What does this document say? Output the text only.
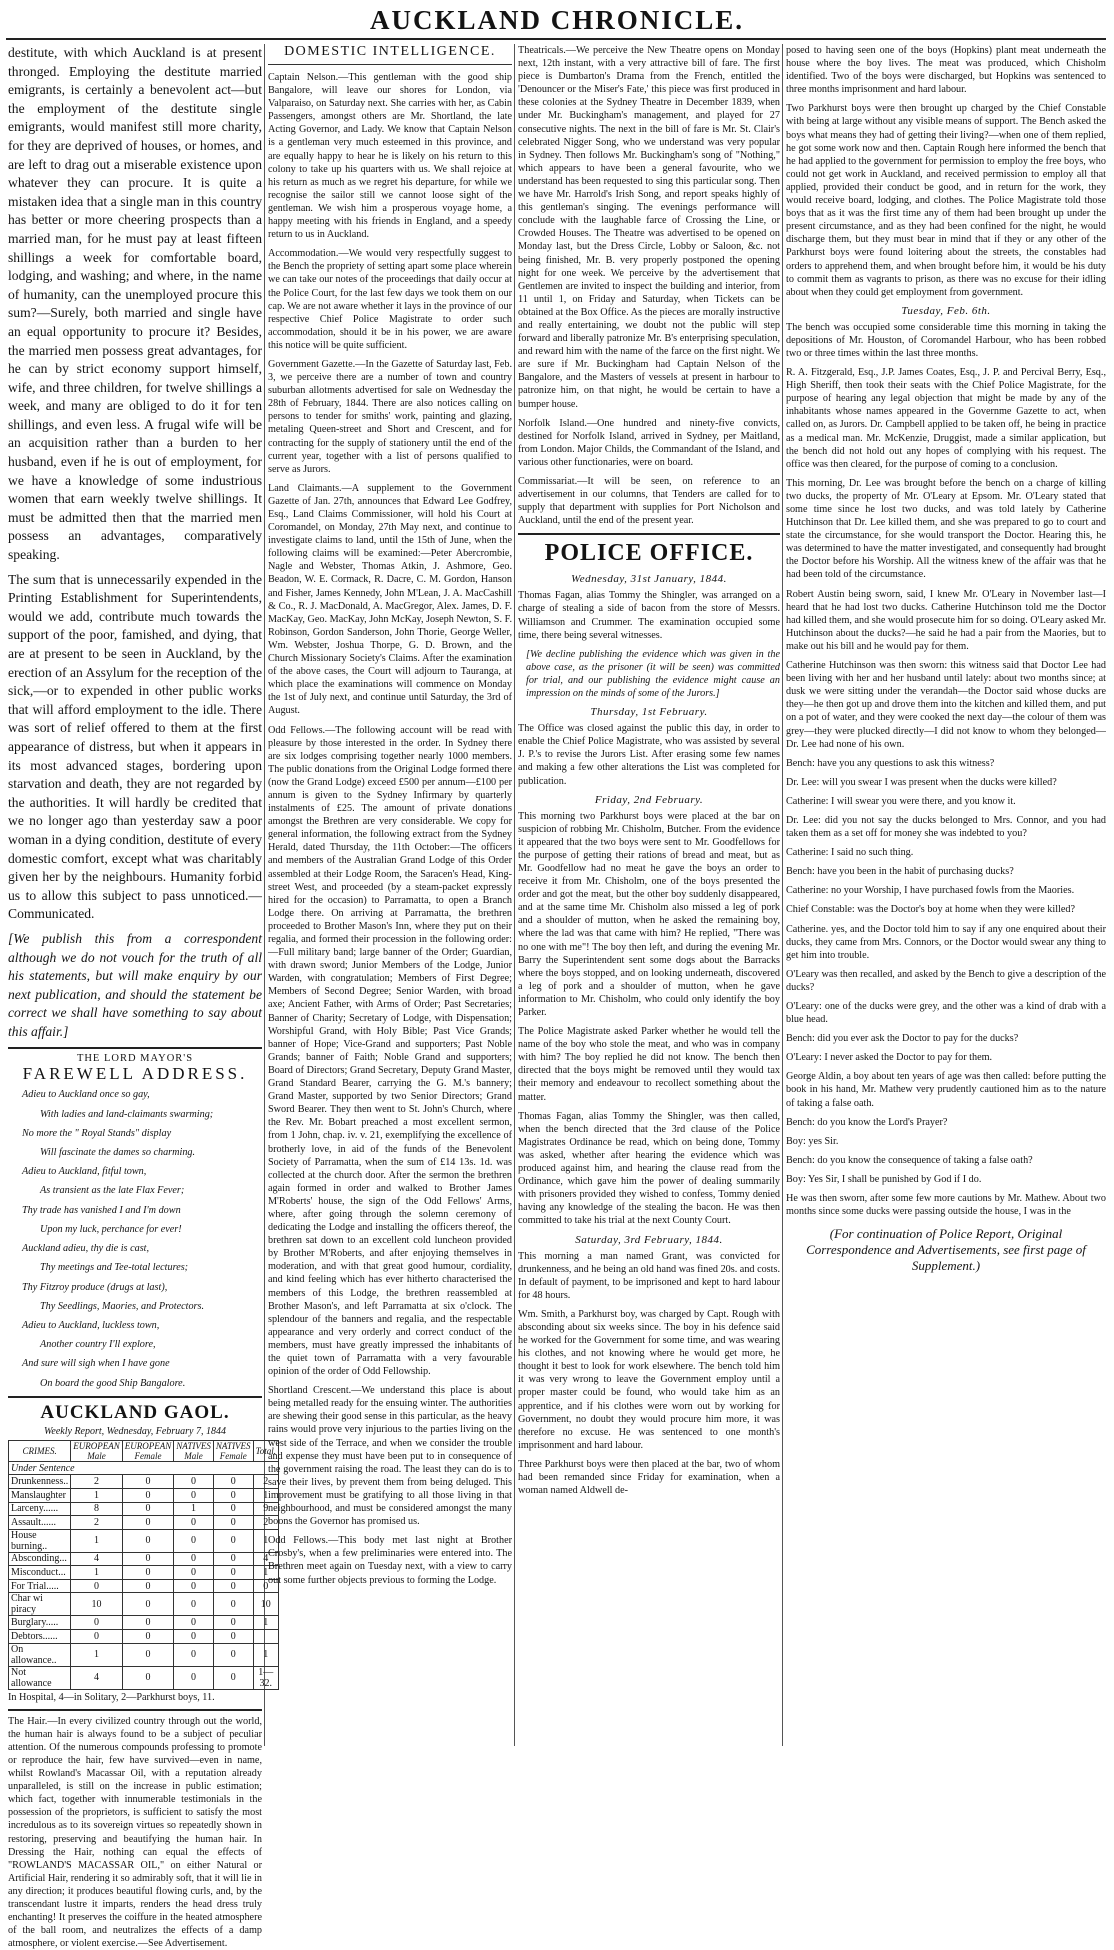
AUCKLAND CHRONICLE.

destitute, with which Auckland is at present thronged. Employing the destitute married emigrants, is certainly a benevolent act—but the employment of the destitute single emigrants, would manifest still more charity, for they are deprived of houses, or homes, and are left to drag out a miserable existence upon whatever they can procure. It is quite a mistaken idea that a single man in this country has better or more cheering prospects than a married man, for he must pay at least fifteen shillings a week for comfortable board, lodging, and washing; and where, in the name of humanity, can the unemployed procure this sum?—Surely, both married and single have an equal opportunity to procure it? Besides, the married men possess great advantages, for he can by strict economy support himself, wife, and three children, for twelve shillings a week, and many are obliged to do it for ten shillings, and even less. A frugal wife will be an acquisition rather than a burden to her husband, even if he is out of employment, for we have a knowledge of some industrious women that earn weekly twelve shillings. It must be admitted then that the married men possess an advantages, comparatively speaking.

The sum that is unnecessarily expended in the Printing Establishment for Superintendents, would we add, contribute much towards the support of the poor, famished, and dying, that are at present to be seen in Auckland, by the erection of an Assylum for the reception of the sick,—or to expended in other public works that will afford employment to the idle. There was sort of relief offered to them at the first appearance of distress, but when it appears in its most advanced stages, bordering upon starvation and death, they are not regarded by the authorities. It will hardly be credited that we no longer ago than yesterday saw a poor woman in a dying condition, destitute of every domestic comfort, except what was charitably given her by the neighbours. Humanity forbid us to allow this subject to pass unnoticed.—Communicated.

[We publish this from a correspondent although we do not vouch for the truth of all his statements, but will make enquiry by our next publication, and should the statement be correct we shall have something to say about this affair.]

THE LORD MAYOR'S
FAREWELL ADDRESS.

Adieu to Auckland once so gay,

With ladies and land-claimants swarming;

No more the " Royal Stands" display

Will fascinate the dames so charming.

Adieu to Auckland, fitful town,

As transient as the late Flax Fever;

Thy trade has vanished I and I'm down

Upon my luck, perchance for ever!

Auckland adieu, thy die is cast,

Thy meetings and Tee-total lectures;

Thy Fitzroy produce (drugs at last),

Thy Seedlings, Maories, and Protectors.

Adieu to Auckland, luckless town,

Another country I'll explore,

And sure will sigh when I have gone

On board the good Ship Bangalore.

AUCKLAND GAOL.
Weekly Report, Wednesday, February 7, 1844
CRIMES.	EUROPEAN Male	EUROPEAN Female	NATIVES Male	NATIVES Female	Total.
Under Sentence					
Drunkenness..	2	0	0	0	2
Manslaughter	1	0	0	0	1
Larceny......	8	0	1	0	9
Assault......	2	0	0	0	2
House burning..	1	0	0	0	1
Absconding...	4	0	0	0	4
Misconduct...	1	0	0	0	1
For Trial.....	0	0	0	0	0
Char wi piracy	10	0	0	0	10
Burglary.....	0	0	0	0	1
Debtors......	0	0	0	0	
On allowance..	1	0	0	0	1
Not allowance	4	0	0	0	1—32.
In Hospital, 4—in Solitary, 2—Parkhurst boys, 11.

The Hair.—In every civilized country through out the world, the human hair is always found to be a subject of peculiar attention. Of the numerous compounds professing to promote or reproduce the hair, few have survived—even in name, whilst Rowland's Macassar Oil, with a reputation already unparalleled, is still on the increase in public estimation; which fact, together with innumerable testimonials in the possession of the proprietors, is sufficient to satisfy the most incredulous as to its sovereign virtues so repeatedly shown in restoring, preserving and beautifying the human hair. In Dressing the Hair, nothing can equal the effects of "ROWLAND'S MACASSAR OIL," on either Natural or Artificial Hair, rendering it so admirably soft, that it will lie in any direction; it produces beautiful flowing curls, and, by the transcendant lustre it imparts, renders the head dress truly enchanting! It preserves the coiffure in the heated atmosphere of the ball room, and neutralizes the effects of a damp atmosphere, or violent exercise.—See Advertisement.

DOMESTIC INTELLIGENCE.

Captain Nelson.—This gentleman with the good ship Bangalore, will leave our shores for London, via Valparaiso, on Saturday next. She carries with her, as Cabin Passengers, amongst others are Mr. Shortland, the late Acting Governor, and Lady. We know that Captain Nelson is a gentleman very much esteemed in this province, and are equally happy to hear he is likely on his return to this colony to take up his quarters with us. We shall rejoice at his return as much as we regret his departure, for while we recognise the sailor still we cannot loose sight of the gentleman. We wish him a prosperous voyage home, a happy meeting with his friends in England, and a speedy return to us in Auckland.

Accommodation.—We would very respectfully suggest to the Bench the propriety of setting apart some place wherein we can take our notes of the proceedings that daily occur at the Police Court, for the last few days we took them on our cap. We are not aware whether it lays in the province of our respective Chief Police Magistrate to order such accommodation, should it be in his power, we are aware this notice will be quite sufficient.

Government Gazette.—In the Gazette of Saturday last, Feb. 3, we perceive there are a number of town and country suburban allotments advertised for sale on Wednesday the 28th of February, 1844. There are also notices calling on persons to tender for smiths' work, painting and glazing, metaling Queen-street and Short and Crescent, and for contracting for the supply of stationery until the end of the current year, together with a list of persons qualified to serve as Jurors.

Land Claimants.—A supplement to the Government Gazette of Jan. 27th, announces that Edward Lee Godfrey, Esq., Land Claims Commissioner, will hold his Court at Coromandel, on Monday, 27th May next, and continue to investigate claims to land, until the 15th of June, when the following claims will be examined:—Peter Abercrombie, Nagle and Webster, Thomas Atkin, J. Ashmore, Geo. Beadon, W. E. Cormack, R. Dacre, C. M. Gordon, Hanson and Fisher, James Kennedy, John M'Lean, J. A. MacCashill & Co., R. J. MacDonald, A. MacGregor, Alex. James, D. F. MacKay, Geo. MacKay, John McKay, Joseph Newton, S. F. Robinson, Gordon Sanderson, John Thorie, George Weller, Wm. Webster, Joshua Thorpe, G. D. Brown, and the Church Missionary Society's Claims. After the examination of the above cases, the Court will adjourn to Tauranga, at which place the examinations will commence on Monday the 1st of July next, and continue until Saturday, the 3rd of August.

Odd Fellows.—The following account will be read with pleasure by those interested in the order. In Sydney there are six lodges comprising together nearly 1000 members. The public donations from the Original Lodge formed there (now the Grand Lodge) exceed £500 per annum—£100 per annum is given to the Sydney Infirmary by quarterly instalments of £25. The amount of private donations amongst the Brethren are very considerable. We copy for general information, the following extract from the Sydney Herald, dated Thursday, the 11th October:—The officers and members of the Australian Grand Lodge of this Order assembled at their Lodge Room, the Saracen's Head, King-street West, and proceeded (by a steam-packet expressly hired for the occasion) to Parramatta, to open a Branch Lodge there. On arriving at Parramatta, the brethren proceeded to Brother Mason's Inn, where they put on their regalia, and formed their procession in the following order:—Full military band; large banner of the Order; Guardian, with drawn sword; Junior Members of the Lodge, Junior Warden, with congratulation; Members of First Degree; Members of Second Degree; Senior Warden, with broad axe; Ancient Father, with Arms of Order; Past Secretaries; Banner of Charity; Secretary of Lodge, with Dispensation; Worshipful Grand, with Holy Bible; Past Vice Grands; banner of Hope; Vice-Grand and supporters; Past Noble Grands; banner of Faith; Noble Grand and supporters; Board of Directors; Grand Secretary, Deputy Grand Master, Grand Standard Bearer, carrying the G. M.'s bannery; Grand Master, supported by two Senior Directors; Grand Sword Bearer. They then went to St. John's Church, where the Rev. Mr. Bobart preached a most excellent sermon, from 1 John, chap. iv. v. 21, exemplifying the excellence of brotherly love, in aid of the funds of the Benevolent Society of Parramatta, when the sum of £14 13s. 1d. was collected at the church door. After the sermon the brethren again formed in order and walked to Brother James M'Roberts' house, the sign of the Odd Fellows' Arms, where, after going through the solemn ceremony of dedicating the Lodge and installing the officers thereof, the brethren sat down to an excellent cold luncheon provided by Brother M'Roberts, and after enjoying themselves in moderation, and with that great good humour, cordiality, and kind feeling which has ever hitherto characterised the members of this Lodge, the brethren reassembled at Brother Mason's, and left Parramatta at six o'clock. The splendour of the banners and regalia, and the respectable appearance and very orderly and correct conduct of the members, must have greatly impressed the inhabitants of the quiet town of Parramatta with a very favourable opinion of the order of Odd Fellowship.

Shortland Crescent.—We understand this place is about being metalled ready for the ensuing winter. The authorities are shewing their good sense in this particular, as the heavy rains would prove very injurious to the parties living on the west side of the Terrace, and when we consider the trouble and expense they must have been put to in consequence of the government raising the road. The least they can do is to save their lives, by prevent them from being deluged. This improvement must be gratifying to all those living in that neighbourhood, and must be considered amongst the many boons the Governor has promised us.

Odd Fellows.—This body met last night at Brother Crosby's, when a few preliminaries were entered into. The Brethren meet again on Tuesday next, with a view to carry out some further objects previous to forming the Lodge.

Theatricals.—We perceive the New Theatre opens on Monday next, 12th instant, with a very attractive bill of fare. The first piece is Dumbarton's Drama from the French, entitled the 'Denouncer or the Miser's Fate,' this piece was first produced in these colonies at the Sydney Theatre in December 1839, when under Mr. Buckingham's management, and played for 27 consecutive nights. The next in the bill of fare is Mr. St. Clair's celebrated Nigger Song, who we understand was very popular in Sydney. Then follows Mr. Buckingham's song of "Nothing," which appears to have been a general favourite, who we understand has been requested to sing this particular song. Then we have Mr. Harrold's Irish Song, and report speaks highly of this gentleman's singing. The evenings performance will conclude with the laughable farce of Crossing the Line, or Crowded Houses. The Theatre was advertised to be opened on Monday last, but the Dress Circle, Lobby or Saloon, &c. not being finished, Mr. B. very properly postponed the opening night for one week. We perceive by the advertisement that Gentlemen are invited to inspect the building and interior, from 11 until 1, on Friday and Saturday, when Tickets can be obtained at the Box Office. As the pieces are morally instructive and really entertaining, we doubt not the public will step forward and liberally patronize Mr. B's enterprising speculation, and reward him with the name of the farce on the first night. We are sure if Mr. Buckingham had Captain Nelson of the Bangalore, and the Masters of vessels at present in harbour to patronize him, on that night, he would be certain to have a bumper house.

Norfolk Island.—One hundred and ninety-five convicts, destined for Norfolk Island, arrived in Sydney, per Maitland, from London. Major Childs, the Commandant of the Island, and various other functionaries, were on board.

Commissariat.—It will be seen, on reference to an advertisement in our columns, that Tenders are called for to supply that department with supplies for Port Nicholson and Auckland, until the end of the present year.

POLICE OFFICE.
Wednesday, 31st January, 1844.

Thomas Fagan, alias Tommy the Shingler, was arranged on a charge of stealing a side of bacon from the store of Messrs. Williamson and Crummer. The examination occupied some time, there being several witnesses.

[We decline publishing the evidence which was given in the above case, as the prisoner (it will be seen) was committed for trial, and our publishing the evidence might cause an impression on the minds of some of the Jurors.]

Thursday, 1st February.

The Office was closed against the public this day, in order to enable the Chief Police Magistrate, who was assisted by several J. P.'s to revise the Jurors List. After erasing some few names and making a few other alterations the List was completed for publication.

Friday, 2nd February.

This morning two Parkhurst boys were placed at the bar on suspicion of robbing Mr. Chisholm, Butcher. From the evidence it appeared that the two boys were sent to Mr. Goodfellows for the purpose of getting their rations of bread and meat, but as Mr. Goodfellow had no meat he gave the boys an order to receive it from Mr. Chisholm, one of the boys presented the order and got the meat, but the other boy suddenly disappeared, and at the same time Mr. Chisholm also missed a leg of pork and a shoulder of mutton, when he asked the remaining boy, where the lad was that came with him? He replied, "There was no one with me"! The boy then left, and during the evening Mr. Barry the Superintendent sent some dogs about the Barracks where the boys stopped, and on looking underneath, discovered a leg of pork and a shoulder of mutton, when he gave information to Mr. Chisholm, who could only identify the boy Parker.

The Police Magistrate asked Parker whether he would tell the name of the boy who stole the meat, and who was in company with him? The boy replied he did not know. The bench then directed that the boys might be removed until they would tax their memory and endeavour to recollect something about the matter.

Thomas Fagan, alias Tommy the Shingler, was then called, when the bench directed that the 3rd clause of the Police Magistrates Ordinance be read, which on being done, Tommy was asked, whether after hearing the evidence which was produced against him, and hearing the clause read from the Ordinance, which gave him the power of dealing summarily with prisoners provided they wished to confess, Tommy denied having any knowledge of the stealing the bacon. He was then committed to take his trial at the next County Court.

Saturday, 3rd February, 1844.

This morning a man named Grant, was convicted for drunkenness, and he being an old hand was fined 20s. and costs. In default of payment, to be imprisoned and kept to hard labour for 48 hours.

Wm. Smith, a Parkhurst boy, was charged by Capt. Rough with absconding about six weeks since. The boy in his defence said he worked for the Government for some time, and was wearing his clothes, and not knowing where he would get more, he thought it best to look for work elsewhere. The bench told him it was very wrong to leave the Government employ until a proper master could be found, who would take him as an apprentice, and if his clothes were worn out by working for Government, no doubt they would procure him more, it was therefore no excuse. He was sentenced to one month's imprisonment and hard labour.

Three Parkhurst boys were then placed at the bar, two of whom had been remanded since Friday for examination, when a woman named Aldwell de-

posed to having seen one of the boys (Hopkins) plant meat underneath the house where the boy lives. The meat was produced, which Chisholm identified. Two of the boys were discharged, but Hopkins was sentenced to three months imprisonment and hard labour.

Two Parkhurst boys were then brought up charged by the Chief Constable with being at large without any visible means of support. The Bench asked the boys what means they had of getting their living?—when one of them replied, he got some work now and then. Captain Rough here informed the bench that he had applied to the government for permission to employ the free boys, who could not get work in Auckland, and received permission to employ all that applied, provided their conduct be good, and in return for the work, they would receive board, lodging, and clothes. The Police Magistrate told those boys that as it was the first time any of them had been brought up under the present circumstance, and as they had been confined for the night, he would discharge them, but they must bear in mind that if they or any other of the Parkhurst boys were found loitering about the streets, the constables had orders to apprehend them, and when brought before him, it would be his duty to commit them as vagrants to prison, as there was no excuse for their idling about when they could get employment from government.

Tuesday, Feb. 6th.

The bench was occupied some considerable time this morning in taking the depositions of Mr. Houston, of Coromandel Harbour, who has been robbed two or three times within the last three months.

R. A. Fitzgerald, Esq., J.P. James Coates, Esq., J. P. and Percival Berry, Esq., High Sheriff, then took their seats with the Chief Police Magistrate, for the purpose of hearing any legal objection that might be made by any of the inhabitants whose names appeared in the Governme Gazette to act, when called on, as Jurors. Dr. Campbell applied to be taken off, he being in practice as a medical man. Mr. McKenzie, Druggist, made a similar application, but the bench did not hold out any hopes of complying with his request. The office was then cleared, for the purpose of coming to a conclusion.

This morning, Dr. Lee was brought before the bench on a charge of killing two ducks, the property of Mr. O'Leary at Epsom. Mr. O'Leary stated that some time since he lost two ducks, and was told lately by Catherine Hutchinson that Dr. Lee killed them, and she was prepared to go to court and state the circumstance, for she would transport the Doctor. Hearing this, he was determined to have the matter investigated, and consequently had brought the Doctor before his Worship. All the witness knew of the affair was that he had been told of the circumstance.

Robert Austin being sworn, said, I knew Mr. O'Leary in November last—I heard that he had lost two ducks. Catherine Hutchinson told me the Doctor had killed them, and she would prosecute him for so doing. O'Leary asked Mr. Hutchinson about the ducks?—he said he had a pair from the Maories, but to make out his bill and he would pay for them.

Catherine Hutchinson was then sworn: this witness said that Doctor Lee had been living with her and her husband until lately: about two months since; at dusk we were sitting under the verandah—the Doctor said whose ducks are they—he then got up and drove them into the kitchen and killed them, and put on a pot of water, and they were cooked the next day—the colour of them was grey—they were plucked directly—I did not know to whom they belonged—Dr. Lee had none of his own.

Bench: have you any questions to ask this witness?

Dr. Lee: will you swear I was present when the ducks were killed?

Catherine: I will swear you were there, and you know it.

Dr. Lee: did you not say the ducks belonged to Mrs. Connor, and you had taken them as a set off for money she was indebted to you?

Catherine: I said no such thing.

Bench: have you been in the habit of purchasing ducks?

Catherine: no your Worship, I have purchased fowls from the Maories.

Chief Constable: was the Doctor's boy at home when they were killed?

Catherine. yes, and the Doctor told him to say if any one enquired about their ducks, they came from Mrs. Connors, or the Doctor would swear any thing to get him into trouble.

O'Leary was then recalled, and asked by the Bench to give a description of the ducks?

O'Leary: one of the ducks were grey, and the other was a kind of drab with a blue head.

Bench: did you ever ask the Doctor to pay for the ducks?

O'Leary: I never asked the Doctor to pay for them.

George Aldin, a boy about ten years of age was then called: before putting the book in his hand, Mr. Mathew very prudently cautioned him as to the nature of taking a false oath.

Bench: do you know the Lord's Prayer?

Boy: yes Sir.

Bench: do you know the consequence of taking a false oath?

Boy: Yes Sir, I shall be punished by God if I do.

He was then sworn, after some few more cautions by Mr. Mathew. About two months since some ducks were passing outside the house, I was in the

(For continuation of Police Report, Original Correspondence and Advertisements, see first page of Supplement.)
